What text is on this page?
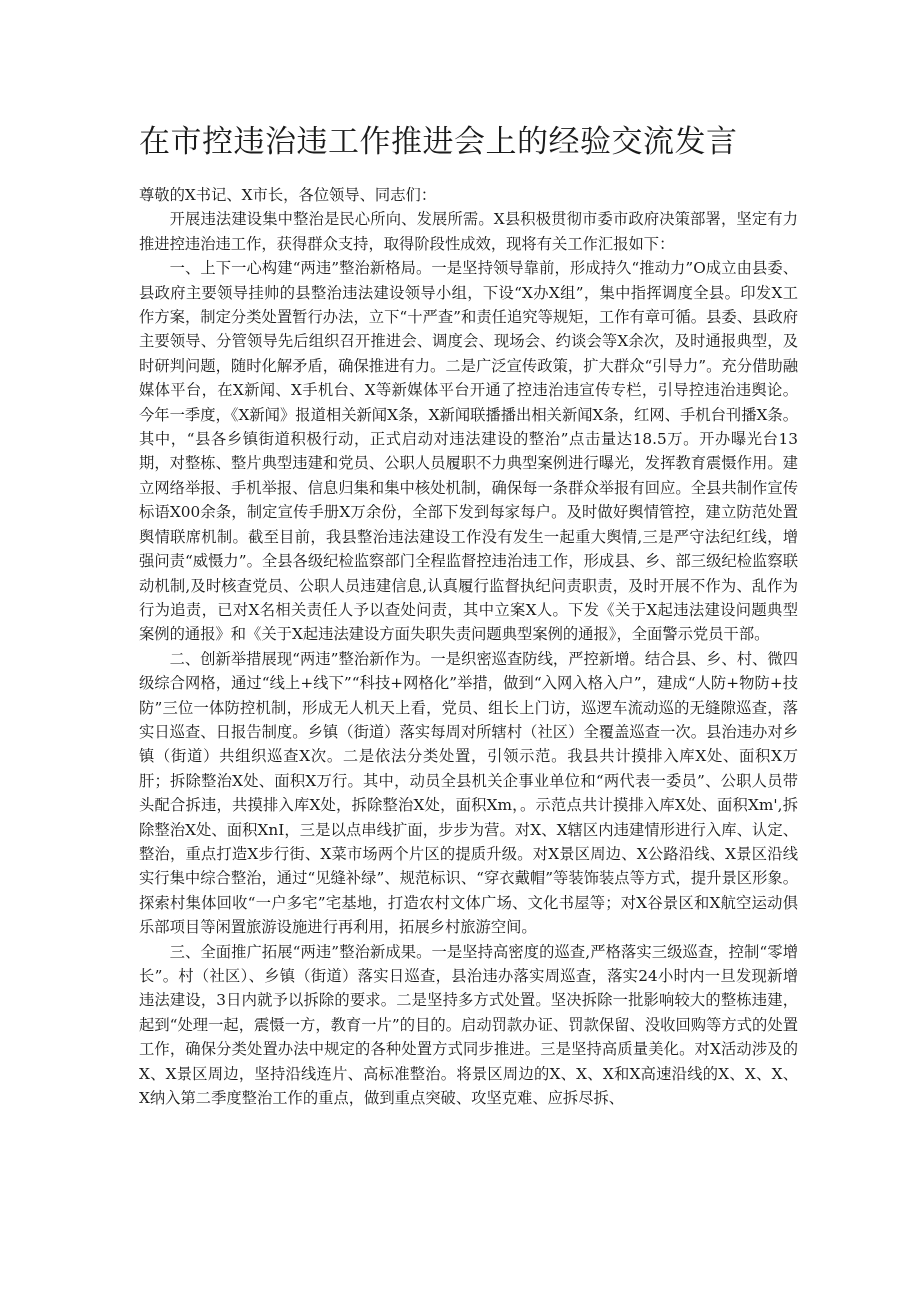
在市控违治违工作推进会上的经验交流发言

尊敬的X书记、X市长，各位领导、同志们：

开展违法建设集中整治是民心所向、发展所需。X县积极贯彻市委市政府决策部署，坚定有力推进控违治违工作，获得群众支持，取得阶段性成效，现将有关工作汇报如下：

一、上下一心构建“两违”整治新格局。一是坚持领导靠前，形成持久“推动力”O成立由县委、县政府主要领导挂帅的县整治违法建设领导小组，下设“X办X组”，集中指挥调度全县。印发X工作方案，制定分类处置暂行办法，立下“十严查”和责任追究等规矩，工作有章可循。县委、县政府主要领导、分管领导先后组织召开推进会、调度会、现场会、约谈会等X余次，及时通报典型，及时研判问题，随时化解矛盾，确保推进有力。二是广泛宣传政策，扩大群众“引导力”。充分借助融媒体平台，在X新闻、X手机台、X等新媒体平台开通了控违治违宣传专栏，引导控违治违舆论。今年一季度，《X新闻》报道相关新闻X条，X新闻联播播出相关新闻X条，红网、手机台刊播X条。其中，“县各乡镇街道积极行动，正式启动对违法建设的整治”点击量达18.5万。开办曝光台13期，对整栋、整片典型违建和党员、公职人员履职不力典型案例进行曝光，发挥教育震慑作用。建立网络举报、手机举报、信息归集和集中核处机制，确保每一条群众举报有回应。全县共制作宣传标语X00余条，制定宣传手册X万余份，全部下发到每家每户。及时做好舆情管控，建立防范处置舆情联席机制。截至目前，我县整治违法建设工作没有发生一起重大舆情,三是严守法纪红线，增强问责“威慑力”。全县各级纪检监察部门全程监督控违治违工作，形成县、乡、部三级纪检监察联动机制,及时核查党员、公职人员违建信息,认真履行监督执纪问责职责，及时开展不作为、乱作为行为追责，已对X名相关责任人予以查处问责，其中立案X人。下发《关于X起违法建设问题典型案例的通报》和《关于X起违法建设方面失职失责问题典型案例的通报》，全面警示党员干部。

二、创新举措展现“两违”整治新作为。一是织密巡查防线，严控新增。结合县、乡、村、微四级综合网格，通过“线上+线下”“科技+网格化”举措，做到“入网入格入户”，建成“人防+物防+技防”三位一体防控机制，形成无人机天上看，党员、组长上门访，巡逻车流动巡的无缝隙巡查，落实日巡查、日报告制度。乡镇（街道）落实每周对所辖村（社区）全覆盖巡查一次。县治违办对乡镇（街道）共组织巡查X次。二是依法分类处置，引领示范。我县共计摸排入库X处、面积X万肝；拆除整治X处、面积X万行。其中，动员全县机关企事业单位和“两代表一委员”、公职人员带头配合拆违，共摸排入库X处，拆除整治X处，面积Xm，。示范点共计摸排入库X处、面积Xm',拆除整治X处、面积XnI，三是以点串线扩面，步步为营。对X、X辖区内违建情形进行入库、认定、整治，重点打造X步行街、X菜市场两个片区的提质升级。对X景区周边、X公路沿线、X景区沿线实行集中综合整治，通过“见缝补绿”、规范标识、“穿衣戴帽”等装饰装点等方式，提升景区形象。探索村集体回收“一户多宅”宅基地，打造农村文体广场、文化书屋等；对X谷景区和X航空运动俱乐部项目等闲置旅游设施进行再利用，拓展乡村旅游空间。

三、全面推广拓展“两违”整治新成果。一是坚持高密度的巡查,严格落实三级巡查，控制“零增长”。村（社区）、乡镇（街道）落实日巡查，县治违办落实周巡查，落实24小时内一旦发现新增违法建设，3日内就予以拆除的要求。二是坚持多方式处置。坚决拆除一批影响较大的整栋违建，起到“处理一起，震慑一方，教育一片”的目的。启动罚款办证、罚款保留、没收回购等方式的处置工作，确保分类处置办法中规定的各种处置方式同步推进。三是坚持高质量美化。对X活动涉及的X、X景区周边，坚持沿线连片、高标准整治。将景区周边的X、X、X和X高速沿线的X、X、X、X纳入第二季度整治工作的重点，做到重点突破、攻坚克难、应拆尽拆、
